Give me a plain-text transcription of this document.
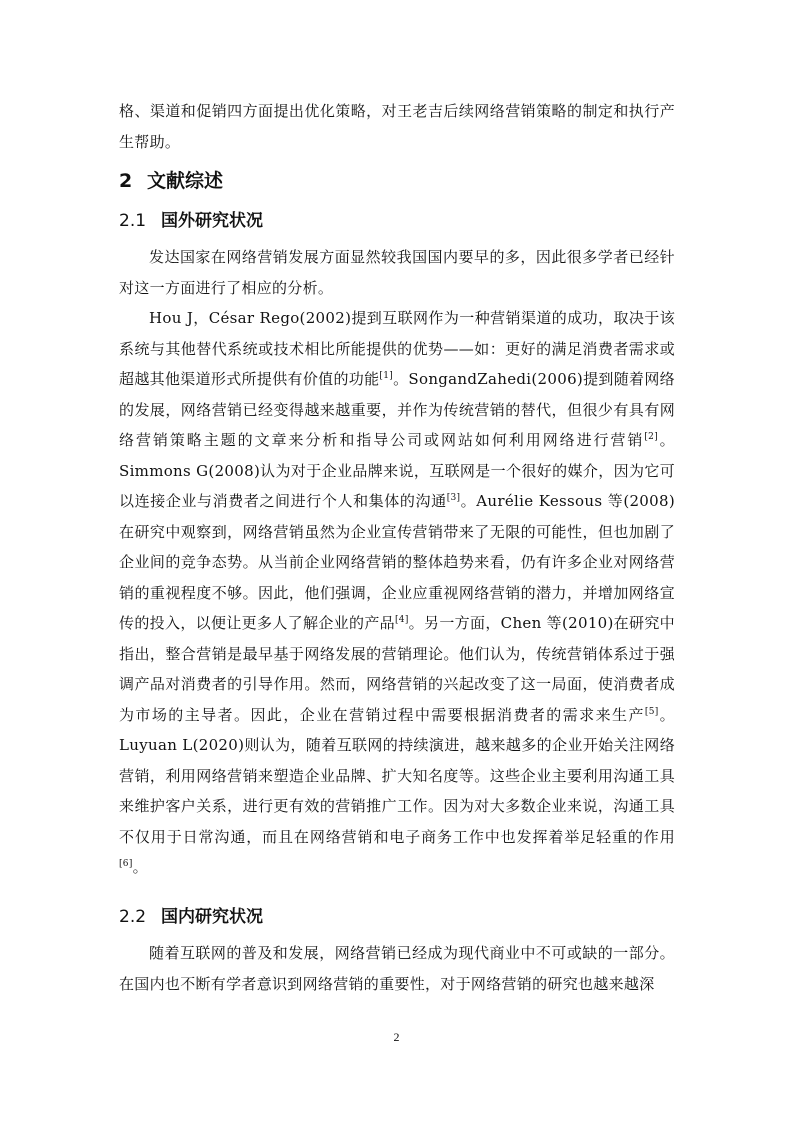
格、渠道和促销四方面提出优化策略，对王老吉后续网络营销策略的制定和执行产生帮助。

2 文献综述
2.1 国外研究状况

发达国家在网络营销发展方面显然较我国国内要早的多，因此很多学者已经针对这一方面进行了相应的分析。

Hou J，César Rego(2002)提到互联网作为一种营销渠道的成功，取决于该系统与其他替代系统或技术相比所能提供的优势——如：更好的满足消费者需求或超越其他渠道形式所提供有价值的功能[1]。SongandZahedi(2006)提到随着网络的发展，网络营销已经变得越来越重要，并作为传统营销的替代，但很少有具有网络营销策略主题的文章来分析和指导公司或网站如何利用网络进行营销[2]。Simmons G(2008)认为对于企业品牌来说，互联网是一个很好的媒介，因为它可以连接企业与消费者之间进行个人和集体的沟通[3]。Aurélie Kessous 等(2008)在研究中观察到，网络营销虽然为企业宣传营销带来了无限的可能性，但也加剧了企业间的竞争态势。从当前企业网络营销的整体趋势来看，仍有许多企业对网络营销的重视程度不够。因此，他们强调，企业应重视网络营销的潜力，并增加网络宣传的投入，以便让更多人了解企业的产品[4]。另一方面，Chen 等(2010)在研究中指出，整合营销是最早基于网络发展的营销理论。他们认为，传统营销体系过于强调产品对消费者的引导作用。然而，网络营销的兴起改变了这一局面，使消费者成为市场的主导者。因此，企业在营销过程中需要根据消费者的需求来生产[5]。Luyuan L(2020)则认为，随着互联网的持续演进，越来越多的企业开始关注网络营销，利用网络营销来塑造企业品牌、扩大知名度等。这些企业主要利用沟通工具来维护客户关系，进行更有效的营销推广工作。因为对大多数企业来说，沟通工具不仅用于日常沟通，而且在网络营销和电子商务工作中也发挥着举足轻重的作用[6]。

2.2 国内研究状况

随着互联网的普及和发展，网络营销已经成为现代商业中不可或缺的一部分。在国内也不断有学者意识到网络营销的重要性，对于网络营销的研究也越来越深

2
